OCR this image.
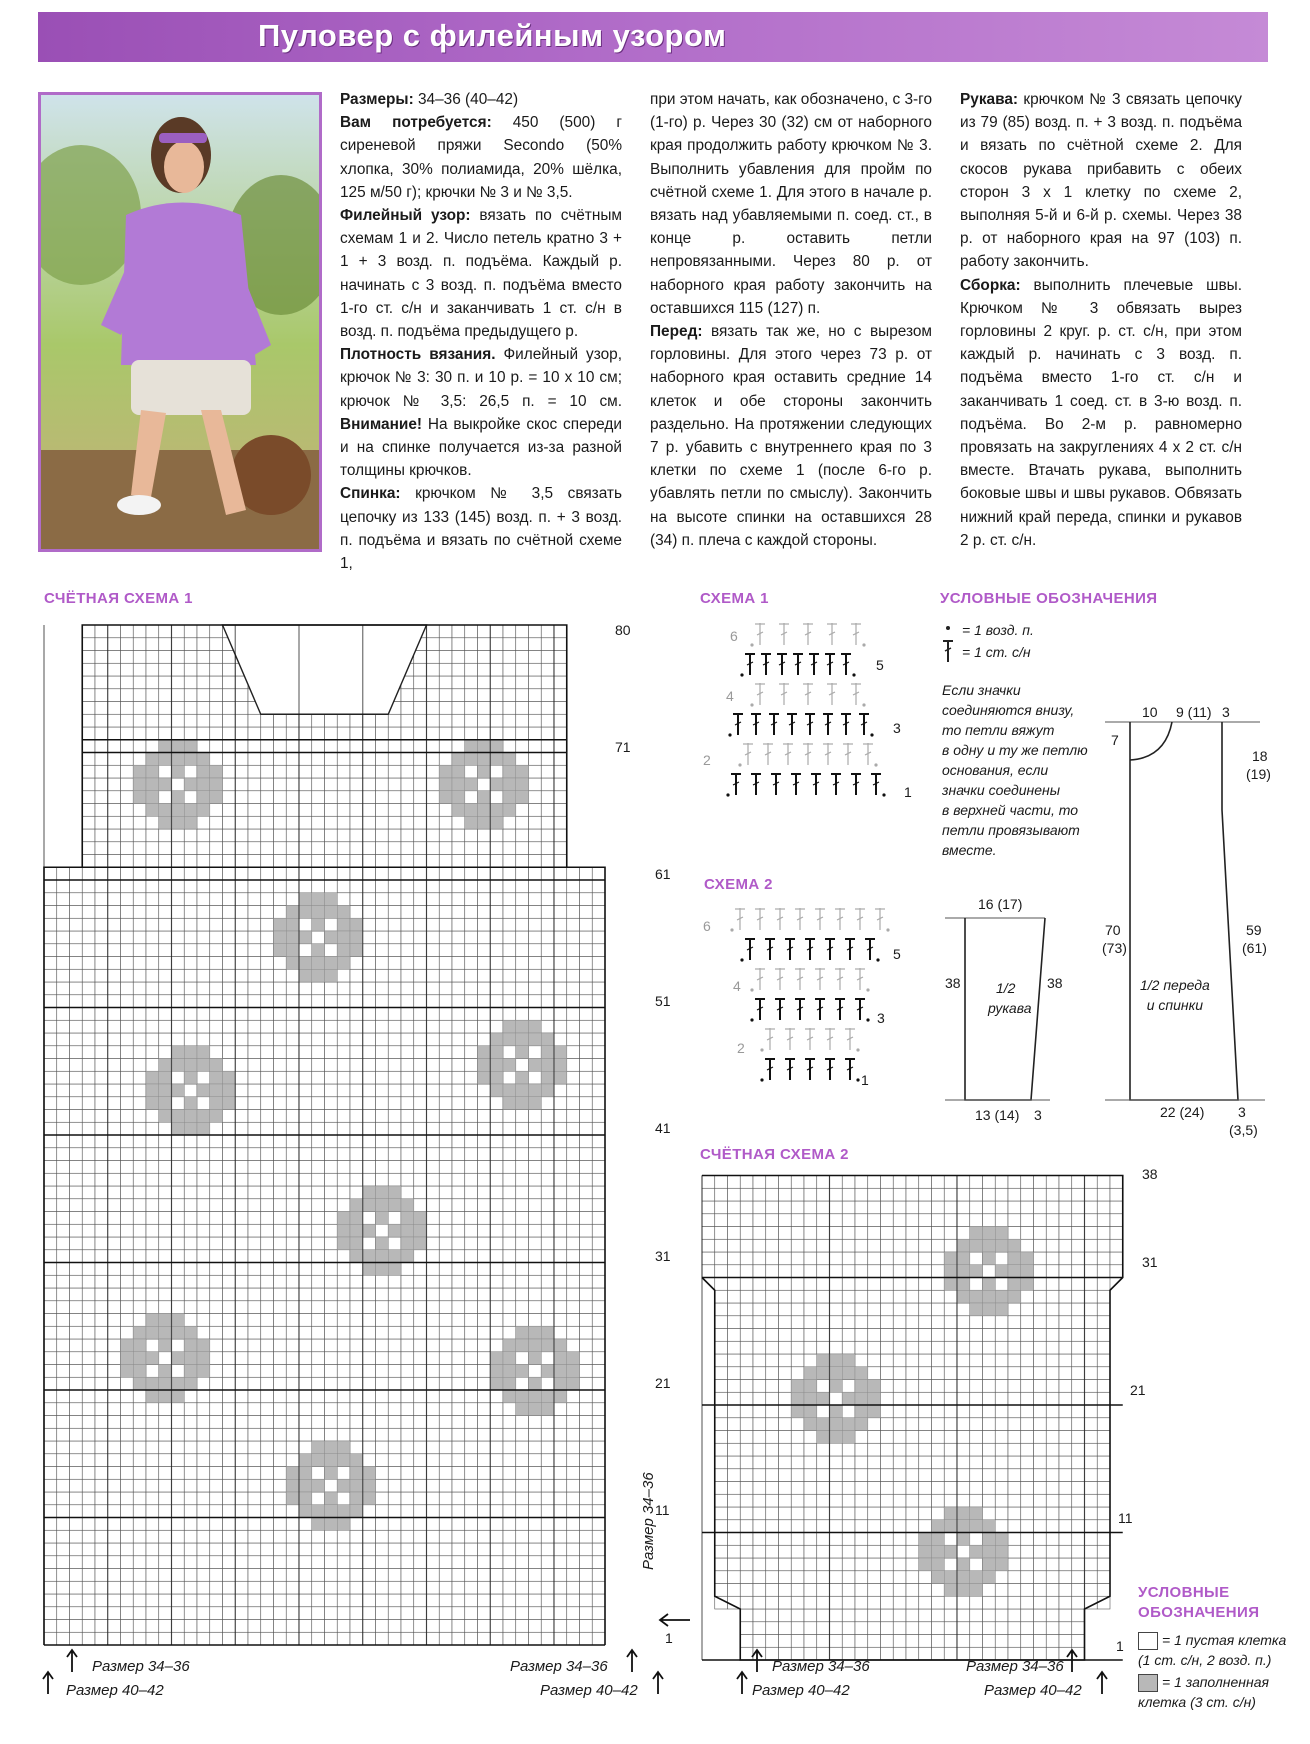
Пуловер с филейным узором

Размеры: 34–36 (40–42)

Вам потребуется: 450 (500) г сиреневой пряжи Secondo (50% хлопка, 30% полиамида, 20% шёлка, 125 м/50 г); крючки № 3 и № 3,5.

Филейный узор: вязать по счётным схемам 1 и 2. Число петель кратно 3 + 1 + 3 возд. п. подъёма. Каждый р. начинать с 3 возд. п. подъёма вместо 1-го ст. с/н и заканчивать 1 ст. с/н в возд. п. подъёма предыдущего р.

Плотность вязания. Филейный узор, крючок № 3: 30 п. и 10 р. = 10 х 10 см; крючок № 3,5: 26,5 п. = 10 см. Внимание! На выкройке скос спереди и на спинке получается из-за разной толщины крючков.

Спинка: крючком № 3,5 связать цепочку из 133 (145) возд. п. + 3 возд. п. подъёма и вязать по счётной схеме 1,

при этом начать, как обозначено, с 3-го (1-го) р. Через 30 (32) см от наборного края продолжить работу крючком № 3. Выполнить убавления для пройм по счётной схеме 1. Для этого в начале р. вязать над убавляемыми п. соед. ст., в конце р. оставить петли непровязанными. Через 80 р. от наборного края работу закончить на оставшихся 115 (127) п.

Перед: вязать так же, но с вырезом горловины. Для этого через 73 р. от наборного края оставить средние 14 клеток и обе стороны закончить раздельно. На протяжении следующих 7 р. убавить с внутреннего края по 3 клетки по схеме 1 (после 6-го р. убавлять петли по смыслу). Закончить на высоте спинки на оставшихся 28 (34) п. плеча с каждой стороны.

Рукава: крючком № 3 связать цепочку из 79 (85) возд. п. + 3 возд. п. подъёма и вязать по счётной схеме 2. Для скосов рукава прибавить с обеих сторон 3 х 1 клетку по схеме 2, выполняя 5-й и 6-й р. схемы. Через 38 р. от наборного края на 97 (103) п. работу закончить.

Сборка: выполнить плечевые швы. Крючком № 3 обвязать вырез горловины 2 круг. р. ст. с/н, при этом каждый р. начинать с 3 возд. п. подъёма вместо 1-го ст. с/н и заканчивать 1 соед. ст. в 3-ю возд. п. подъёма. Во 2-м р. равномерно провязать на закруглениях 4 х 2 ст. с/н вместе. Втачать рукава, выполнить боковые швы и швы рукавов. Обвязать нижний край переда, спинки и рукавов 2 р. ст. с/н.

СЧЁТНАЯ СХЕМА 1
80
71
61
51
41
31
21
11
1
Размер 34–36
Размер 40–42
Размер 34–36
Размер 40–42
Размер 34–36
СХЕМА 1
6
5
4
3
2
1
СХЕМА 2
6
5
4
3
2
1
УСЛОВНЫЕ ОБОЗНАЧЕНИЯ
= 1 возд. п.
= 1 ст. с/н
Если значки
соединяются внизу,
то петли вяжут
в одну и ту же петлю
основания, если
значки соединены
в верхней части, то
петли провязывают
вместе.
16 (17)
38	38
13 (14) 3
1/2
рукава
10 9 (11) 3
7
18
(19)
70
(73)
59
(61)
22 (24) 3
(3,5)
1/2 переда
и спинки
СЧЁТНАЯ СХЕМА 2
38
31
21
11
1
Размер 34–36
Размер 40–42
Размер 34–36
Размер 40–42
УСЛОВНЫЕ
ОБОЗНАЧЕНИЯ
= 1 пустая клетка
(1 ст. с/н, 2 возд. п.)
= 1 заполненная
клетка (3 ст. с/н)
